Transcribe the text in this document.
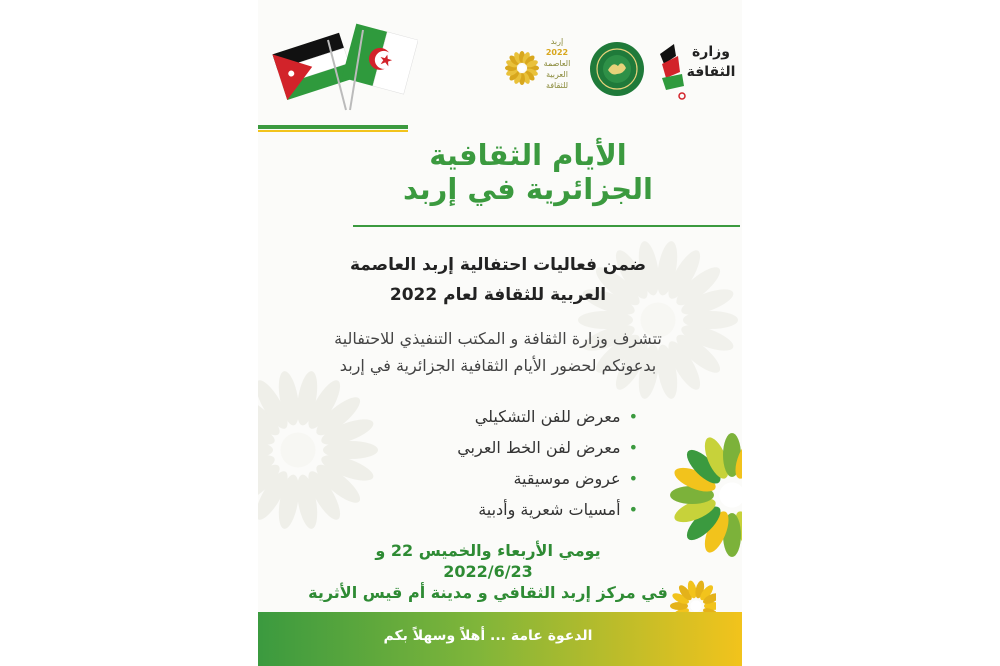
إربد
2022
العاصمة
العربية
للثقافة
وزارة
الثقافة
الأيام الثقافية
الجزائرية في إربد
ضمن فعاليات احتفالية إربد العاصمة
العربية للثقافة لعام 2022
تتشرف وزارة الثقافة و المكتب التنفيذي للاحتفالية
بدعوتكم لحضور الأيام الثقافية الجزائرية في إربد
•معرض للفن التشكيلي
•معرض لفن الخط العربي
•عروض موسيقية
•أمسيات شعرية وأدبية
يومي الأربعاء والخميس 22 و
2022/6/23
في مركز إربد الثقافي و مدينة أم قيس الأثرية
الدعوة عامة ... أهلاً وسهلاً بكم
